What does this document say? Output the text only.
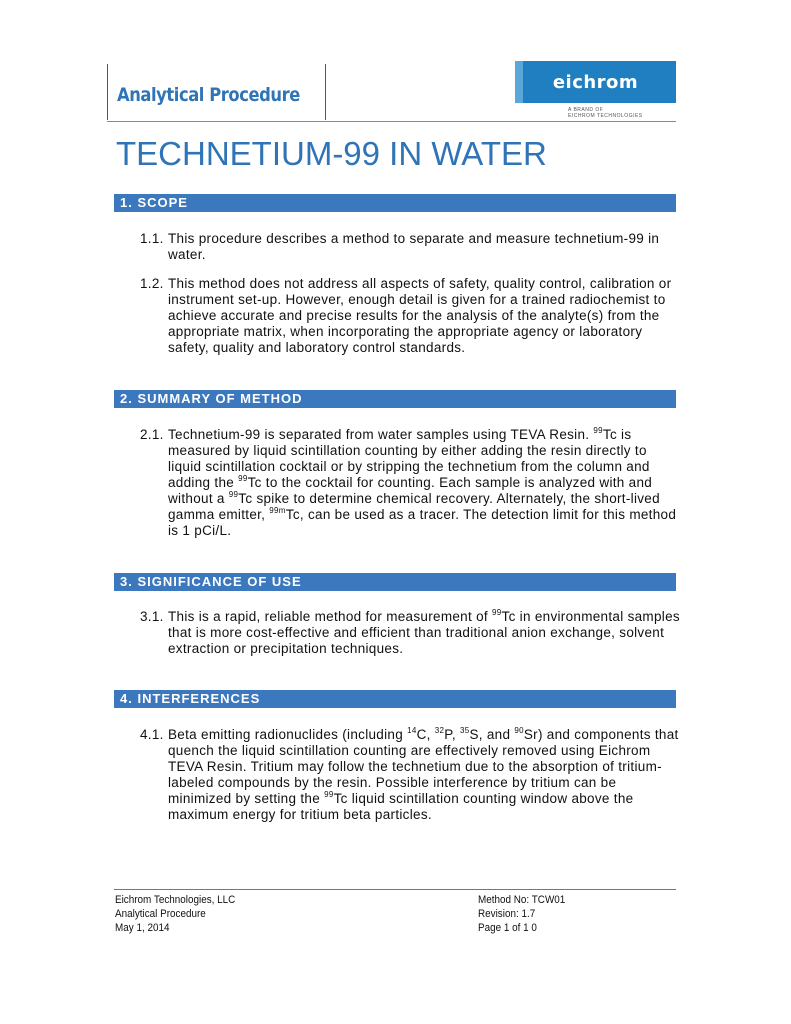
Analytical Procedure
eichrom
A BRAND OF
EICHROM TECHNOLOGIES
TECHNETIUM-99 IN WATER
1. SCOPE
1.1. This procedure describes a method to separate and measure technetium-99 in water.
1.2. This method does not address all aspects of safety, quality control, calibration or instrument set-up. However, enough detail is given for a trained radiochemist to achieve accurate and precise results for the analysis of the analyte(s) from the appropriate matrix, when incorporating the appropriate agency or laboratory safety, quality and laboratory control standards.
2. SUMMARY OF METHOD
2.1. Technetium-99 is separated from water samples using TEVA Resin. $^{99}$Tc is measured by liquid scintillation counting by either adding the resin directly to liquid scintillation cocktail or by stripping the technetium from the column and adding the $^{99}$Tc to the cocktail for counting. Each sample is analyzed with and without a $^{99}$Tc spike to determine chemical recovery. Alternately, the short-lived gamma emitter, $^{99m}$Tc, can be used as a tracer. The detection limit for this method is 1 pCi/L.
3. SIGNIFICANCE OF USE
3.1. This is a rapid, reliable method for measurement of $^{99}$Tc in environmental samples that is more cost-effective and efficient than traditional anion exchange, solvent extraction or precipitation techniques.
4. INTERFERENCES
4.1. Beta emitting radionuclides (including $^{14}$C, $^{32}$P, $^{35}$S, and $^{90}$Sr) and components that quench the liquid scintillation counting are effectively removed using Eichrom TEVA Resin. Tritium may follow the technetium due to the absorption of tritium-labeled compounds by the resin. Possible interference by tritium can be minimized by setting the $^{99}$Tc liquid scintillation counting window above the maximum energy for tritium beta particles.
Eichrom Technologies, LLC
Analytical Procedure
May 1, 2014
Method No: TCW01
Revision: 1.7
Page 1 of 1 0
